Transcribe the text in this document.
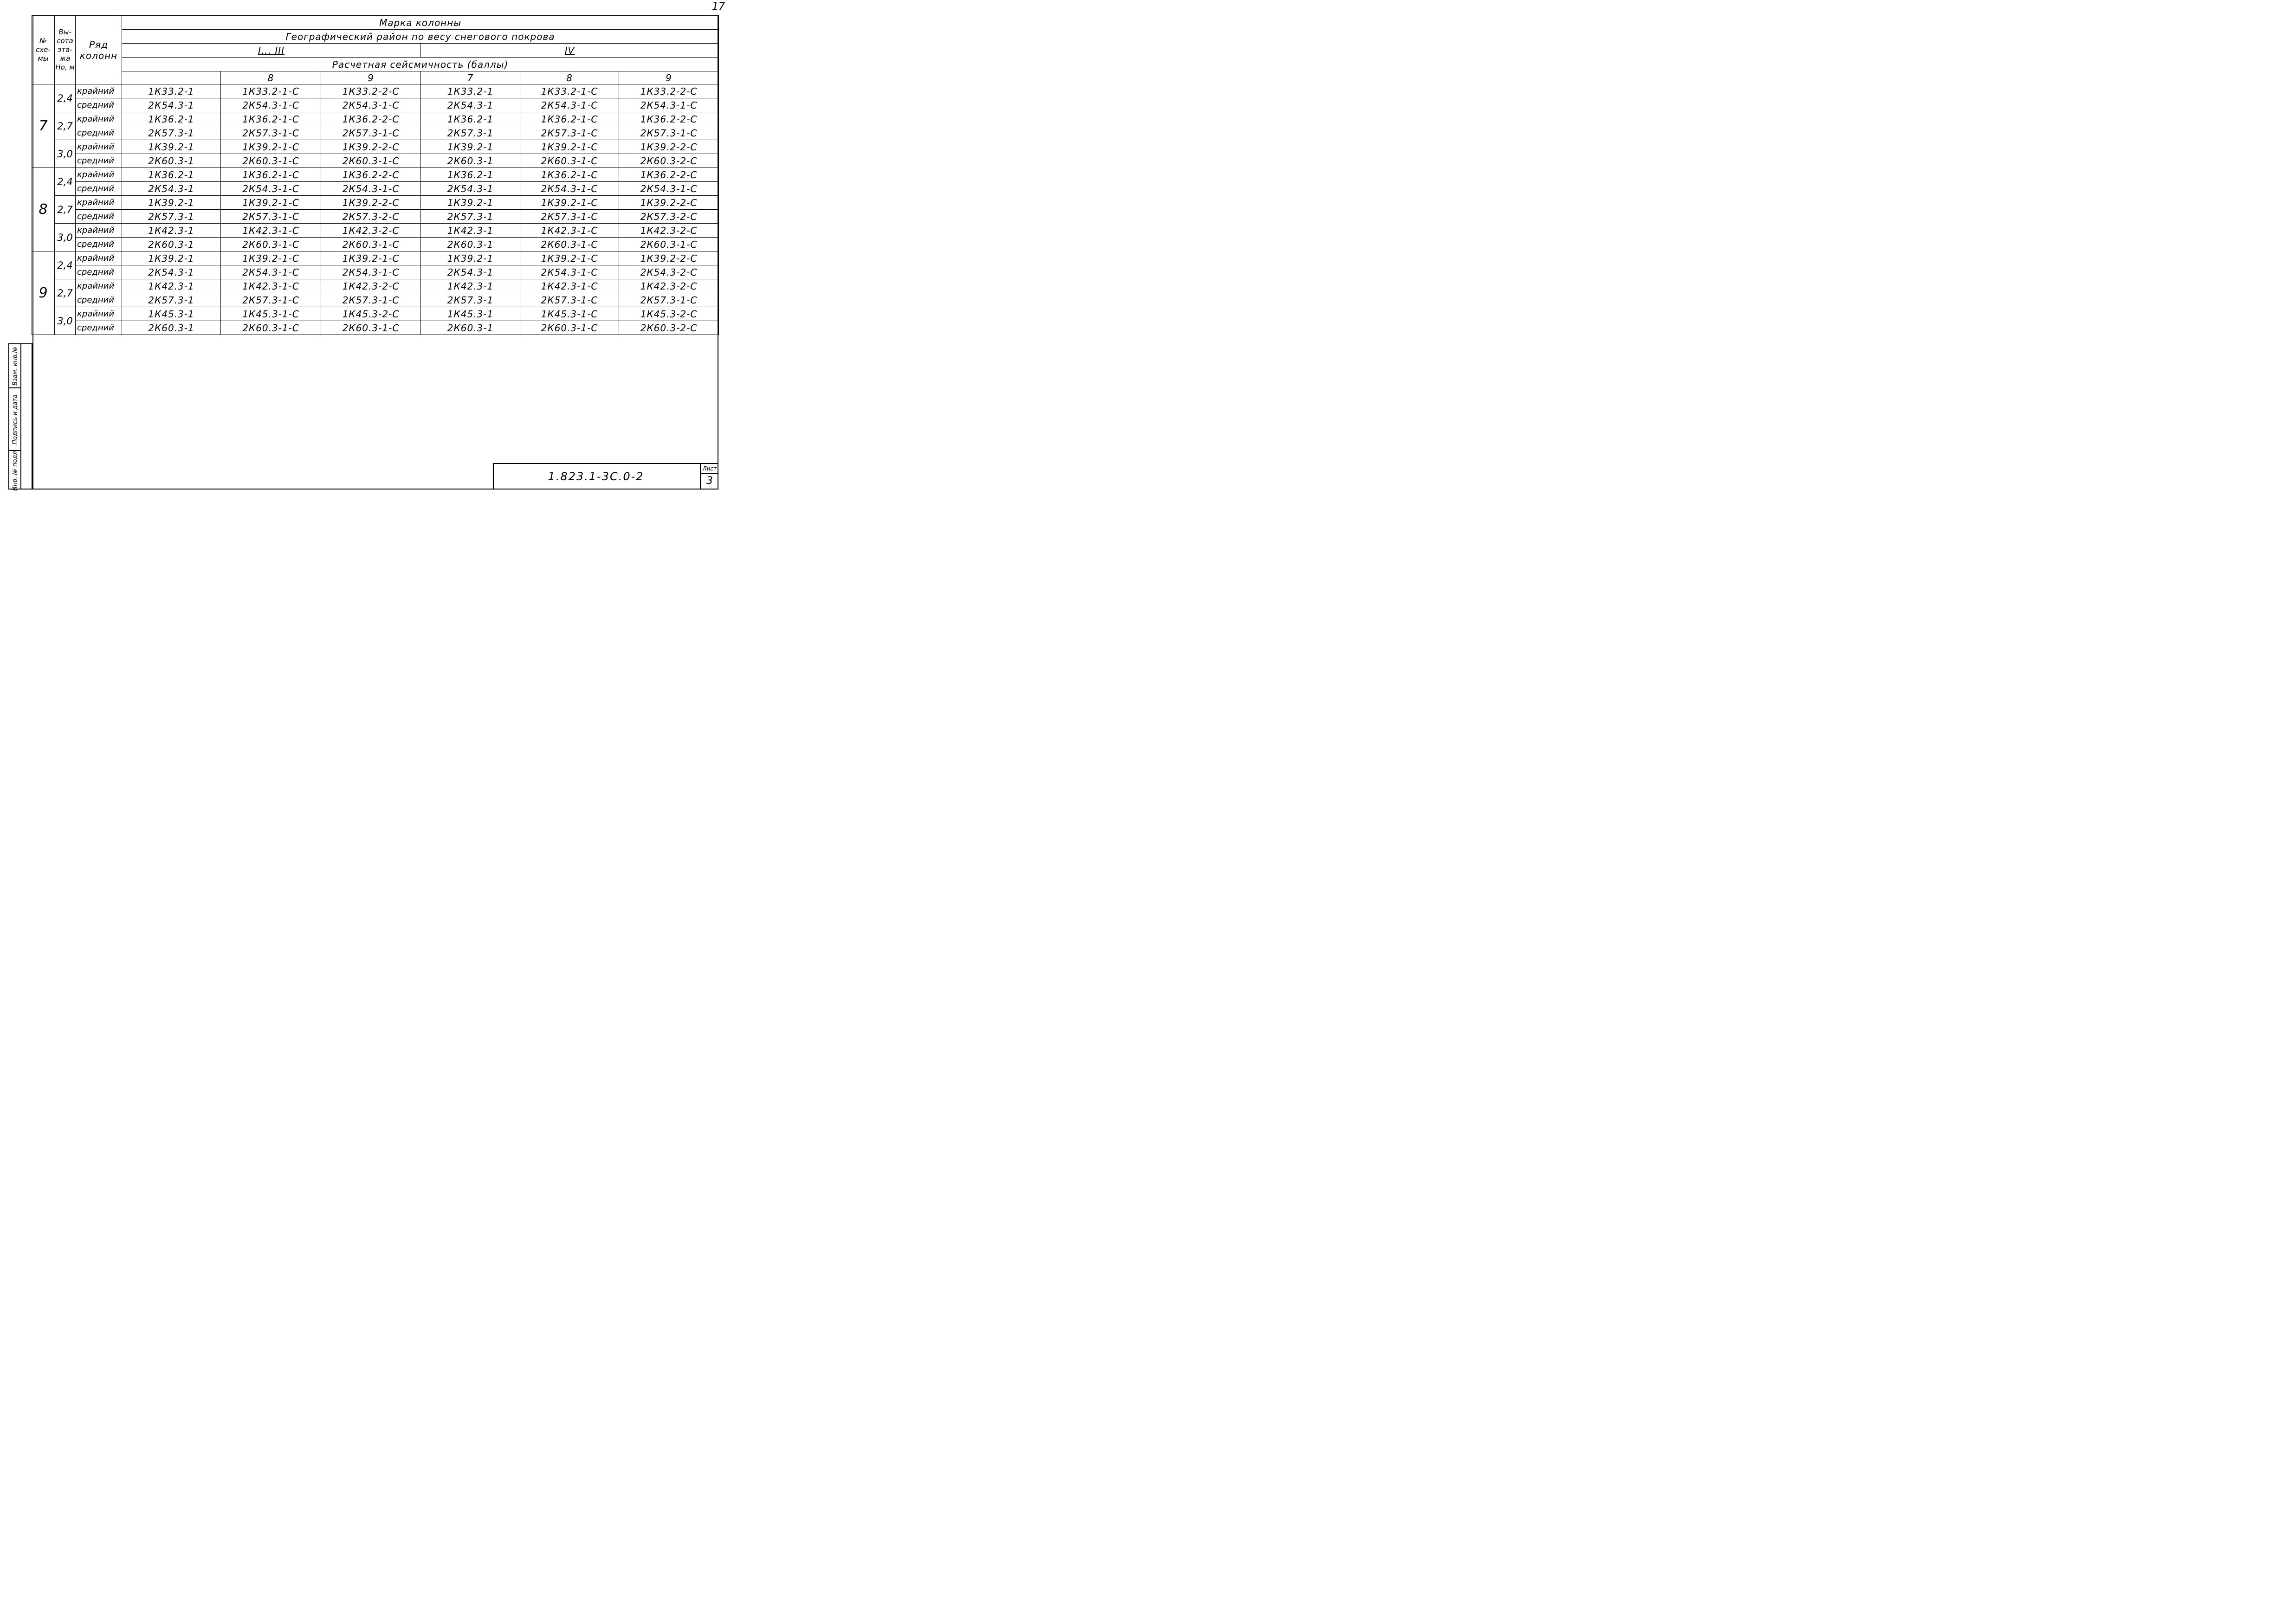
17
№ схе- мы	Вы- сота эта- жа Hо, м	Ряд колонн	Марка колонны					
			Географический район по весу снегового покрова					
			I... III			IV		
			Расчетная сейсмичность (баллы)					
				8	9	7	8	9
7	2,4	крайний	1К33.2-1	1К33.2-1-С	1К33.2-2-С	1К33.2-1	1К33.2-1-С	1К33.2-2-С
		средний	2К54.3-1	2К54.3-1-С	2К54.3-1-С	2К54.3-1	2К54.3-1-С	2К54.3-1-С
	2,7	крайний	1К36.2-1	1К36.2-1-С	1К36.2-2-С	1К36.2-1	1К36.2-1-С	1К36.2-2-С
		средний	2К57.3-1	2К57.3-1-С	2К57.3-1-С	2К57.3-1	2К57.3-1-С	2К57.3-1-С
	3,0	крайний	1К39.2-1	1К39.2-1-С	1К39.2-2-С	1К39.2-1	1К39.2-1-С	1К39.2-2-С
		средний	2К60.3-1	2К60.3-1-С	2К60.3-1-С	2К60.3-1	2К60.3-1-С	2К60.3-2-С
8	2,4	крайний	1К36.2-1	1К36.2-1-С	1К36.2-2-С	1К36.2-1	1К36.2-1-С	1К36.2-2-С
		средний	2К54.3-1	2К54.3-1-С	2К54.3-1-С	2К54.3-1	2К54.3-1-С	2К54.3-1-С
	2,7	крайний	1К39.2-1	1К39.2-1-С	1К39.2-2-С	1К39.2-1	1К39.2-1-С	1К39.2-2-С
		средний	2К57.3-1	2К57.3-1-С	2К57.3-2-С	2К57.3-1	2К57.3-1-С	2К57.3-2-С
	3,0	крайний	1К42.3-1	1К42.3-1-С	1К42.3-2-С	1К42.3-1	1К42.3-1-С	1К42.3-2-С
		средний	2К60.3-1	2К60.3-1-С	2К60.3-1-С	2К60.3-1	2К60.3-1-С	2К60.3-1-С
9	2,4	крайний	1К39.2-1	1К39.2-1-С	1К39.2-1-С	1К39.2-1	1К39.2-1-С	1К39.2-2-С
		средний	2К54.3-1	2К54.3-1-С	2К54.3-1-С	2К54.3-1	2К54.3-1-С	2К54.3-2-С
	2,7	крайний	1К42.3-1	1К42.3-1-С	1К42.3-2-С	1К42.3-1	1К42.3-1-С	1К42.3-2-С
		средний	2К57.3-1	2К57.3-1-С	2К57.3-1-С	2К57.3-1	2К57.3-1-С	2К57.3-1-С
	3,0	крайний	1К45.3-1	1К45.3-1-С	1К45.3-2-С	1К45.3-1	1К45.3-1-С	1К45.3-2-С
		средний	2К60.3-1	2К60.3-1-С	2К60.3-1-С	2К60.3-1	2К60.3-1-С	2К60.3-2-С
Взам. инв.№
Подпись и дата
Инв. № подл.	1.823.1-3С.0-2
Лист
3
